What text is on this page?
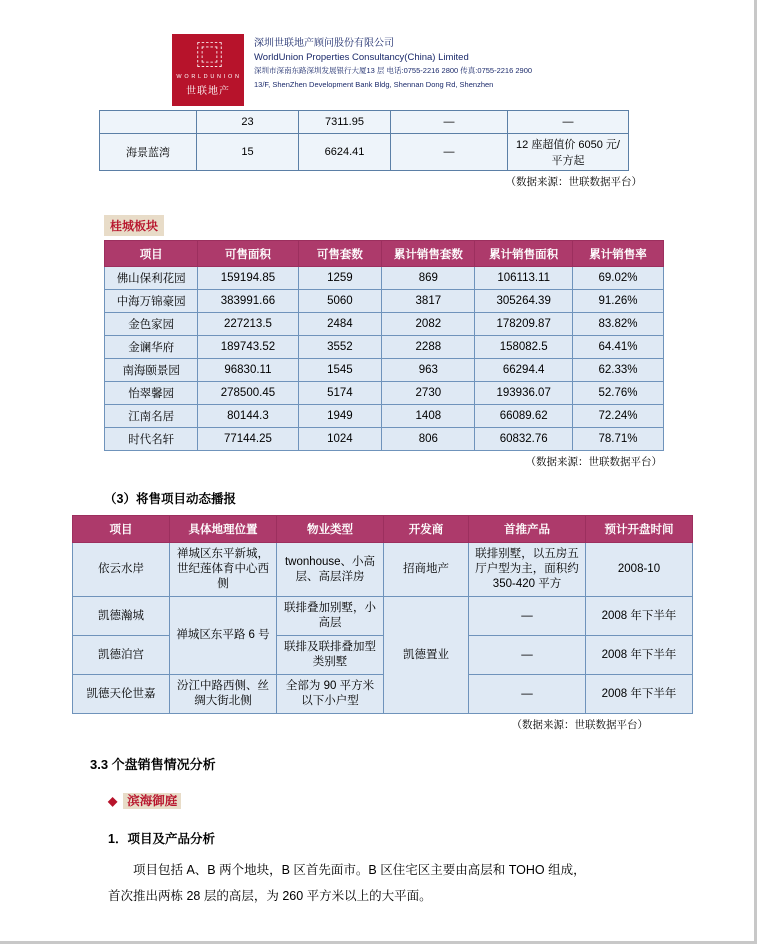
⿴
W O R L D U N I O N
世联地产
深圳世联地产顾问股份有限公司
WorldUnion Properties Consultancy(China) Limited
深圳市深南东路深圳发展银行大厦13 层 电话:0755-2216 2800 传真:0755-2216 2900
13/F, ShenZhen Development Bank Bldg, Shennan Dong Rd, Shenzhen
	23	7311.95	—	—
海景蓝湾	15	6624.41	—	12 座超值价 6050 元/平方起
（数据来源：世联数据平台）
桂城板块
项目	可售面积	可售套数	累计销售套数	累计销售面积	累计销售率
佛山保利花园	159194.85	1259	869	106113.11	69.02%
中海万锦豪园	383991.66	5060	3817	305264.39	91.26%
金色家园	227213.5	2484	2082	178209.87	83.82%
金谰华府	189743.52	3552	2288	158082.5	64.41%
南海颐景园	96830.11	1545	963	66294.4	62.33%
怡翠馨园	278500.45	5174	2730	193936.07	52.76%
江南名居	80144.3	1949	1408	66089.62	72.24%
时代名轩	77144.25	1024	806	60832.76	78.71%
（数据来源：世联数据平台）
（3）将售项目动态播报
项目	具体地理位置	物业类型	开发商	首推产品	预计开盘时间
依云水岸	禅城区东平新城，世纪莲体育中心西侧	twonhouse、小高层、高层洋房	招商地产	联排别墅，以五房五厅户型为主，面积约 350-420 平方	2008-10
凯德瀚城	禅城区东平路 6 号	联排叠加别墅，小高层	凯德置业	—	2008 年下半年
凯德泊宫		联排及联排叠加型类别墅		—	2008 年下半年
凯德天伦世嘉	汾江中路西侧、丝绸大街北侧	全部为 90 平方米以下小户型		—	2008 年下半年
（数据来源：世联数据平台）
3.3 个盘销售情况分析
◆ 滨海御庭
1．项目及产品分析
项目包括 A、B 两个地块，B 区首先面市。B 区住宅区主要由高层和 TOHO 组成，
首次推出两栋 28 层的高层，为 260 平方米以上的大平面。
